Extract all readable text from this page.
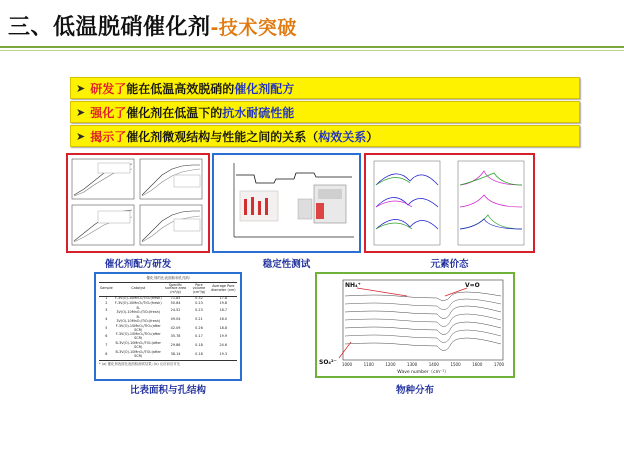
三、低温脱硝催化剂-技术突破
➤ 研发了 能在低温高效脱硝的 催化剂配方
➤ 强化了 催化剂在低温下的 抗水耐硫性能
➤ 揭示了 催化剂微观结构与性能之间的关系（ 构效关系 ）
催化剂配方研发	稳定性测试	元素价态
催化剂的比表面积和孔结构
Sample	Catalyst	Specific surface area (m²/g)	Pore volume (cm³/g)	Average Pore diameter (nm)
1	F-3V(O)-10MnO₂/TiO₂(fresh)	71.85	0.32	17.8
2	F-3V(O)-10MnO₂/TiO₂(fresh)	50.64	0.23	19.8
3	B-3V(O)-10MnO₂/TiO₂(fresh)	24.52	0.23	18.7
4	B-3V(O)-10MnO₂/TiO₂(fresh)	49.04	0.21	18.0
5	F-3V(O)-10MnO₂/TiO₂(after SCR)	42.09	0.26	18.8
6	F-3V(O)-10MnO₂/TiO₂(after SCR)	35.78	0.17	19.9
7	B-3V(O)-10MnO₂/TiO₂(after SCR)	29.86	0.18	24.6
8	B-3V(O)-10MnO₂/TiO₂(after SCR)	38.14	0.18	19.3
* (a) 催化剂表面比表面积测试结果; (b) 反应前后对比
比表面积与孔结构
NH₄⁺	V=O
SO₄²⁻ 1000	1100	1200	1300	1400	1500	1600	1700
Wave number（cm⁻¹）
物种分布
